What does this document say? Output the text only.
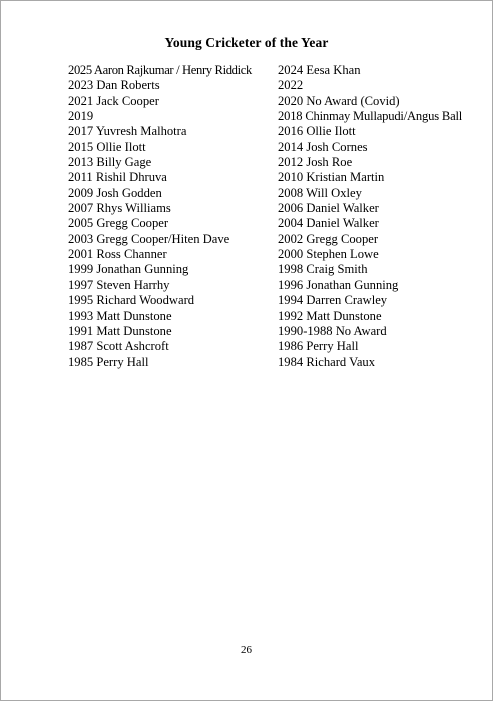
Young Cricketer of the Year
2025 Aaron Rajkumar / Henry Riddick
2023 Dan Roberts
2021 Jack Cooper
2019
2017 Yuvresh Malhotra
2015 Ollie Ilott
2013 Billy Gage
2011 Rishil Dhruva
2009 Josh Godden
2007 Rhys Williams
2005 Gregg Cooper
2003 Gregg Cooper/Hiten Dave
2001 Ross Channer
1999 Jonathan Gunning
1997 Steven Harrhy
1995 Richard Woodward
1993 Matt Dunstone
1991 Matt Dunstone
1987 Scott Ashcroft
1985 Perry Hall
2024 Eesa Khan
2022
2020 No Award (Covid)
2018 Chinmay Mullapudi/Angus Ball
2016 Ollie Ilott
2014 Josh Cornes
2012 Josh Roe
2010 Kristian Martin
2008 Will Oxley
2006 Daniel Walker
2004 Daniel Walker
2002 Gregg Cooper
2000 Stephen Lowe
1998 Craig Smith
1996 Jonathan Gunning
1994 Darren Crawley
1992 Matt Dunstone
1990-1988 No Award
1986 Perry Hall
1984 Richard Vaux
26
